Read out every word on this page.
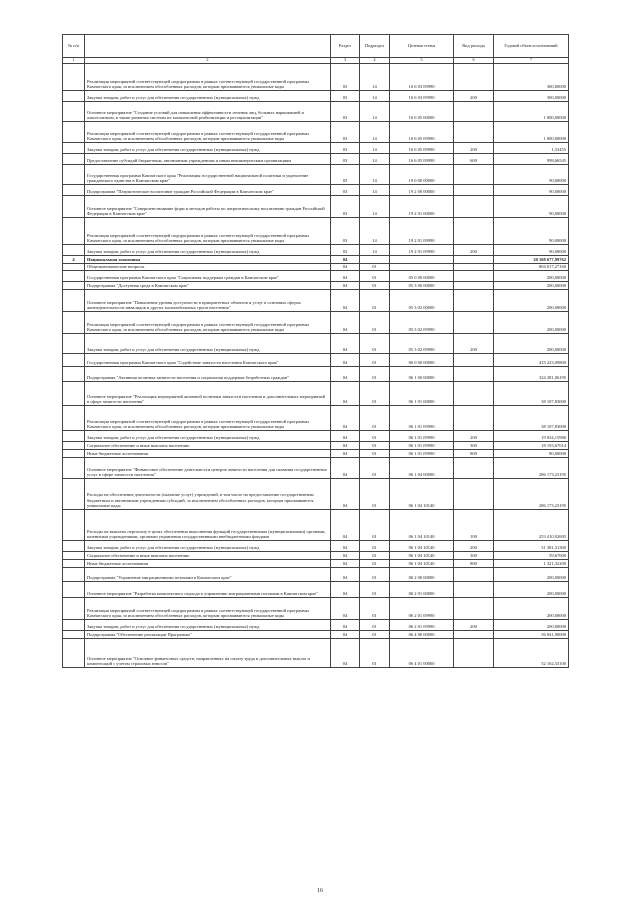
№ п/п		Раздел	Подраздел	Целевая статья	Вид расхода	Годовой объем ассигнований
1	2	3	4	5	6	7
	Реализация мероприятий соответствующей подпрограммы в рамках соответствующей государственной программы Камчатского края, за исключением обособленных расходов, которым присваиваются уникальные коды	03	14	16 6 03 09990		300,00000
	Закупка товаров, работ и услуг для обеспечения государственных (муниципальных) нужд	03	14	16 6 03 09990	200	300,00000
	Основное мероприятие "Создание условий для повышения эффективности лечения лиц, больных наркоманией и алкоголизмом, в также развития системы их комплексной реабилитации и ресоциализации"	03	14	16 6 05 00000		1 000,00000
	Реализация мероприятий соответствующей подпрограммы в рамках соответствующей государственной программы Камчатского края, за исключением обособленных расходов, которым присваиваются уникальные коды	03	14	16 6 05 09990		1 000,00000
	Закупка товаров, работ и услуг для обеспечения государственных (муниципальных) нужд	03	14	16 6 05 09990	200	1,33455
	Предоставление субсидий бюджетным, автономным учреждениям и иным некоммерческим организациям	03	14	16 6 05 09990	600	998,66545
	Государственная программа Камчатского края "Реализация государственной национальной политики и укрепление гражданского единства в Камчатском крае"	03	14	19 0 00 00000		90,00000
	Подпрограмма "Патриотическое воспитание граждан Российской Федерации в Камчатском крае"	03	14	19 2 00 00000		90,00000
	Основное мероприятие "Совершенствование форм и методов работы по патриотическому воспитанию граждан Российской Федерации в Камчатском крае"	03	14	19 2 01 00000		90,00000
	Реализация мероприятий соответствующей подпрограммы в рамках соответствующей государственной программы Камчатского края, за исключением обособленных расходов, которым присваиваются уникальные коды	03	14	19 2 01 09990		90,00000
	Закупка товаров, работ и услуг для обеспечения государственных (муниципальных) нужд	03	14	19 2 01 09990	200	90,00000
4	Национальная экономика	04				20 168 677,99762
	Общеэкономические вопросы	04	01			804 617,27160
	Государственная программа Камчатского края "Социальная поддержка граждан в Камчатском крае"	04	01	05 0 00 00000		200,00000
	Подпрограмма "Доступная среда в Камчатском крае"	04	01	05 3 00 00000		200,00000
	Основное мероприятие "Повышение уровня доступности в приоритетных объектов и услуг в основных сферах жизнедеятельности инвалидов и других маломобильных групп населения"	04	01	05 3 02 00000		200,00000
	Реализация мероприятий соответствующей подпрограммы в рамках соответствующей государственной программы Камчатского края, за исключением обособленных расходов, которым присваиваются уникальные коды	04	01	05 3 02 09990		200,00000
	Закупка товаров, работ и услуг для обеспечения государственных (муниципальных) нужд	04	01	05 3 02 09990	200	200,00000
	Государственная программа Камчатского края "Содействие занятости населения Камчатского края"	04	01	06 0 00 00000		415 223,09800
	Подпрограмма "Активная политика занятости населения и социальная поддержка безработных граждан"	04	01	06 1 00 00000		324 281,06195
	Основное мероприятие "Реализация мероприятий активной политики занятости населения и дополнительных мероприятий в сфере занятости населения"	04	01	06 1 01 00000		38 107,83000
	Реализация мероприятий соответствующей подпрограммы в рамках соответствующей государственной программы Камчатского края, за исключением обособленных расходов, которым присваиваются уникальные коды	04	01	06 1 01 09990		38 107,83000
	Закупка товаров, работ и услуг для обеспечения государственных (муниципальных) нужд	04	01	06 1 01 09990	200	19 834,15986
	Социальное обеспечение и иные выплаты населению	04	01	06 1 01 09990	300	18 193,67014
	Иные бюджетные ассигнования	04	01	06 1 01 09990	800	80,00000
	Основное мероприятие "Финансовое обеспечение деятельности центров занятости населения для оказания государственных услуг в сфере занятости населения"	04	01	06 1 04 00000		286 173,23195
	Расходы на обеспечение деятельности (оказание услуг) учреждений, в том числе на предоставление государственным бюджетным и автономным учреждениям субсидий, за исключением обособленных расходов, которым присваиваются уникальные коды	04	01	06 1 04 10140		286 173,23195
	Расходы на выплаты персоналу в целях обеспечения выполнения функций государственными (муниципальными) органами, казенными учреждениями, органами управления государственными внебюджетными фондами	04	01	06 1 04 10140	100	253 410,92695
	Закупка товаров, работ и услуг для обеспечения государственных (муниципальных) нужд	04	01	06 1 04 10140	200	31 381,31300
	Социальное обеспечение и иные выплаты населению	04	01	06 1 04 10140	300	59,67000
	Иные бюджетные ассигнования	04	01	06 1 04 10140	800	1 321,32200
	Подпрограмма "Управление миграционными потоками в Камчатском крае"	04	01	06 2 00 00000		200,00000
	Основное мероприятие "Разработка комплексного подхода к управлению миграционными потоками в Камчатском крае"	04	01	06 2 01 00000		200,00000
	Реализация мероприятий соответствующей подпрограммы в рамках соответствующей государственной программы Камчатского края, за исключением обособленных расходов, которым присваиваются уникальные коды	04	01	06 2 01 09990		200,00000
	Закупка товаров, работ и услуг для обеспечения государственных (муниципальных) нужд	04	01	06 2 01 09990	200	200,00000
	Подпрограмма "Обеспечение реализации Программы"	04	01	06 4 00 00000		56 841,90000
	Основное мероприятие "Основное финансовых средств, направленных на оплату труда и дополнительных выплат и компенсаций с учетом страховых взносов"	04	01	06 4 01 00000		52 162,33100
16
